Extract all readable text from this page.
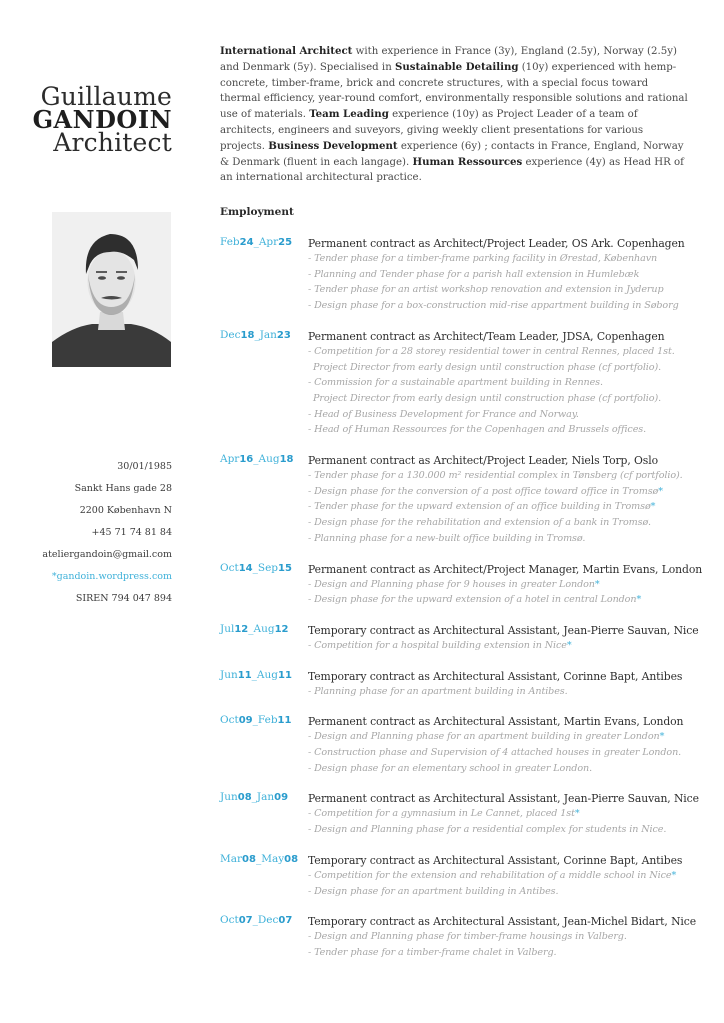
Guillaume
GANDOIN
Architect
International Architect with experience in France (3y), England (2.5y), Norway (2.5y) and Denmark (5y). Specialised in Sustainable Detailing (10y) experienced with hemp-concrete, timber-frame, brick and concrete structures, with a special focus toward thermal efficiency, year-round comfort, environmentally responsible solutions and rational use of materials. Team Leading experience (10y) as Project Leader of a team of architects, engineers and suveyors, giving weekly client presentations for various projects. Business Development experience (6y) ; contacts in France, England, Norway & Denmark (fluent in each langage). Human Ressources experience (4y) as Head HR of an international architectural practice.
30/01/1985
Sankt Hans gade 28
2200 København N
+45 71 74 81 84
ateliergandoin@gmail.com
*gandoin.wordpress.com
SIREN 794 047 894
Employment
Feb24_Apr25 Permanent contract as Architect/Project Leader, OS Ark. Copenhagen
- Tender phase for a timber-frame parking facility in Ørestad, København
- Planning and Tender phase for a parish hall extension in Humlebæk
- Tender phase for an artist workshop renovation and extension in Jyderup
- Design phase for a box-construction mid-rise appartment building in Søborg
Dec18_Jan23 Permanent contract as Architect/Team Leader, JDSA, Copenhagen
- Competition for a 28 storey residential tower in central Rennes, placed 1st.
Project Director from early design until construction phase (cf portfolio).
- Commission for a sustainable apartment building in Rennes.
Project Director from early design until construction phase (cf portfolio).
- Head of Business Development for France and Norway.
- Head of Human Ressources for the Copenhagen and Brussels offices.
Apr16_Aug18 Permanent contract as Architect/Project Leader, Niels Torp, Oslo
- Tender phase for a 130.000 m² residential complex in Tønsberg (cf portfolio).
- Design phase for the conversion of a post office toward office in Tromsø*
- Tender phase for the upward extension of an office building in Tromsø*
- Design phase for the rehabilitation and extension of a bank in Tromsø.
- Planning phase for a new-built office building in Tromsø.
Oct14_Sep15 Permanent contract as Architect/Project Manager, Martin Evans, London
- Design and Planning phase for 9 houses in greater London*
- Design phase for the upward extension of a hotel in central London*
Jul12_Aug12 Temporary contract as Architectural Assistant, Jean-Pierre Sauvan, Nice
- Competition for a hospital building extension in Nice*
Jun11_Aug11 Temporary contract as Architectural Assistant, Corinne Bapt, Antibes
- Planning phase for an apartment building in Antibes.
Oct09_Feb11 Permanent contract as Architectural Assistant, Martin Evans, London
- Design and Planning phase for an apartment building in greater London*
- Construction phase and Supervision of 4 attached houses in greater London.
- Design phase for an elementary school in greater London.
Jun08_Jan09 Permanent contract as Architectural Assistant, Jean-Pierre Sauvan, Nice
- Competition for a gymnasium in Le Cannet, placed 1st*
- Design and Planning phase for a residential complex for students in Nice.
Mar08_May08 Temporary contract as Architectural Assistant, Corinne Bapt, Antibes
- Competition for the extension and rehabilitation of a middle school in Nice*
- Design phase for an apartment building in Antibes.
Oct07_Dec07 Temporary contract as Architectural Assistant, Jean-Michel Bidart, Nice
- Design and Planning phase for timber-frame housings in Valberg.
- Tender phase for a timber-frame chalet in Valberg.
